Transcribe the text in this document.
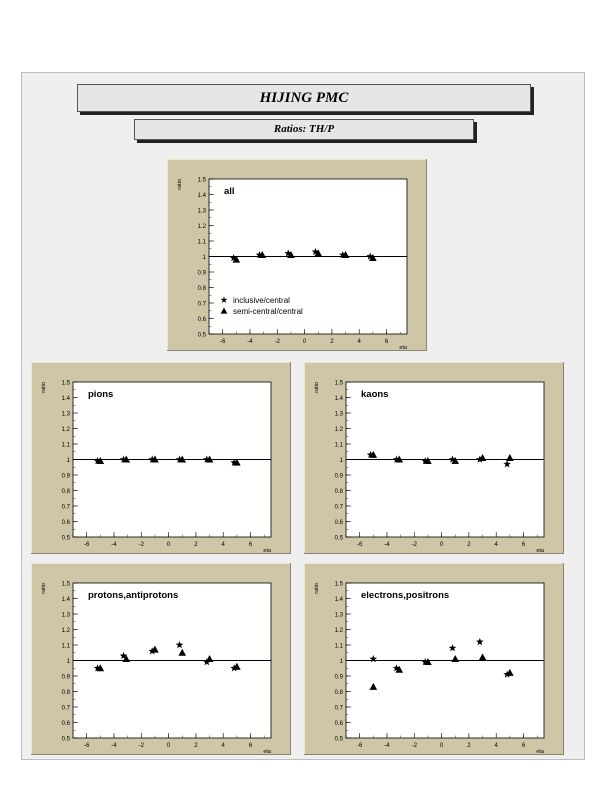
HIJING PMC
Ratios: TH/P
0.5
0.6
0.7
0.8
0.9
1
1.1
1.2
1.3
1.4
1.5
-6	-4	-2	0	2	4	6
eta
ratio
all
inclusive/central
semi-central/central
0.5
0.6
0.7
0.8
0.9
1
1.1
1.2
1.3
1.4
1.5
-6	-4	-2	0	2	4	6
eta
ratio
pions
0.5
0.6
0.7
0.8
0.9
1
1.1
1.2
1.3
1.4
1.5
-6	-4	-2	0	2	4	6
eta
ratio
kaons
0.5
0.6
0.7
0.8
0.9
1
1.1
1.2
1.3
1.4
1.5
-6	-4	-2	0	2	4	6
eta
ratio
protons,antiprotons
0.5
0.6
0.7
0.8
0.9
1
1.1
1.2
1.3
1.4
1.5
-6	-4	-2	0	2	4	6
eta
ratio
electrons,positrons
